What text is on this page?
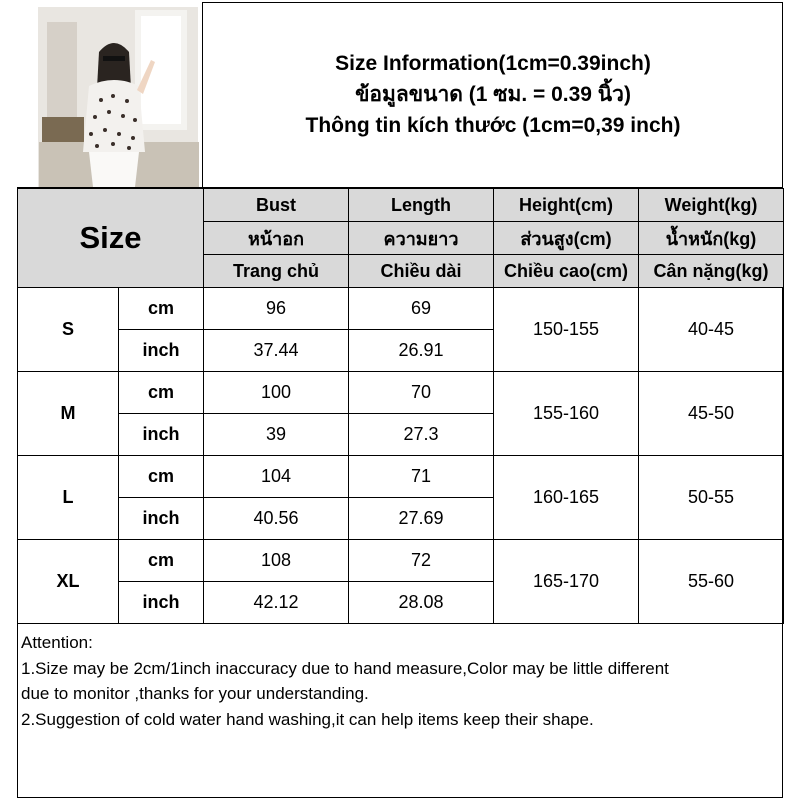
Size Information(1cm=0.39inch)
ข้อมูลขนาด (1 ซม. = 0.39 นิ้ว)
Thông tin kích thước (1cm=0,39 inch)
Size		Bust	Length	Height(cm)	Weight(kg)
		หน้าอก	ความยาว	ส่วนสูง(cm)	น้ำหนัก(kg)
		Trang chủ	Chiều dài	Chiều cao(cm)	Cân nặng(kg)
S	cm	96	69	150-155	40-45
	inch	37.44	26.91		
M	cm	100	70	155-160	45-50
	inch	39	27.3		
L	cm	104	71	160-165	50-55
	inch	40.56	27.69		
XL	cm	108	72	165-170	55-60
	inch	42.12	28.08		
Attention:
1.Size may be 2cm/1inch inaccuracy due to hand measure,Color may be little different
due to monitor ,thanks for your understanding.
2.Suggestion of cold water hand washing,it can help items keep their shape.
